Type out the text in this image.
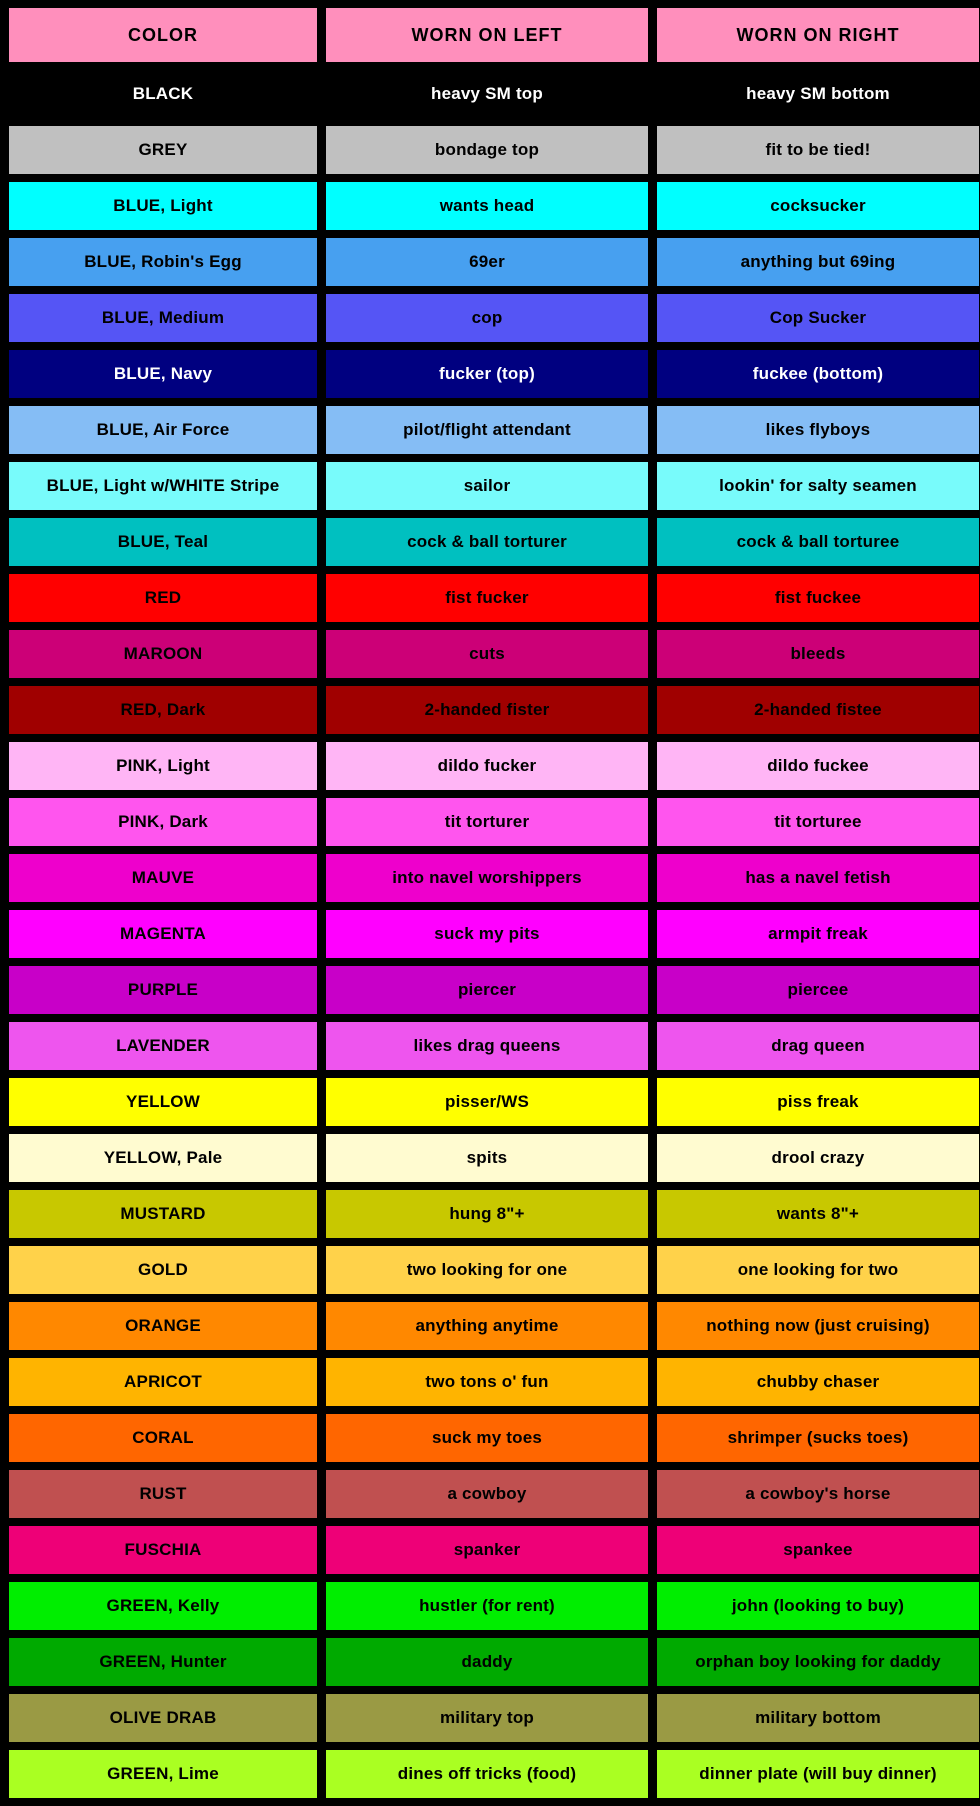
COLOR	WORN ON LEFT	WORN ON RIGHT
BLACK	heavy SM top	heavy SM bottom
GREY	bondage top	fit to be tied!
BLUE, Light	wants head	cocksucker
BLUE, Robin's Egg	69er	anything but 69ing
BLUE, Medium	cop	Cop Sucker
BLUE, Navy	fucker (top)	fuckee (bottom)
BLUE, Air Force	pilot/flight attendant	likes flyboys
BLUE, Light w/WHITE Stripe	sailor	lookin' for salty seamen
BLUE, Teal	cock & ball torturer	cock & ball torturee
RED	fist fucker	fist fuckee
MAROON	cuts	bleeds
RED, Dark	2-handed fister	2-handed fistee
PINK, Light	dildo fucker	dildo fuckee
PINK, Dark	tit torturer	tit torturee
MAUVE	into navel worshippers	has a navel fetish
MAGENTA	suck my pits	armpit freak
PURPLE	piercer	piercee
LAVENDER	likes drag queens	drag queen
YELLOW	pisser/WS	piss freak
YELLOW, Pale	spits	drool crazy
MUSTARD	hung 8"+	wants 8"+
GOLD	two looking for one	one looking for two
ORANGE	anything anytime	nothing now (just cruising)
APRICOT	two tons o' fun	chubby chaser
CORAL	suck my toes	shrimper (sucks toes)
RUST	a cowboy	a cowboy's horse
FUSCHIA	spanker	spankee
GREEN, Kelly	hustler (for rent)	john (looking to buy)
GREEN, Hunter	daddy	orphan boy looking for daddy
OLIVE DRAB	military top	military bottom
GREEN, Lime	dines off tricks (food)	dinner plate (will buy dinner)
